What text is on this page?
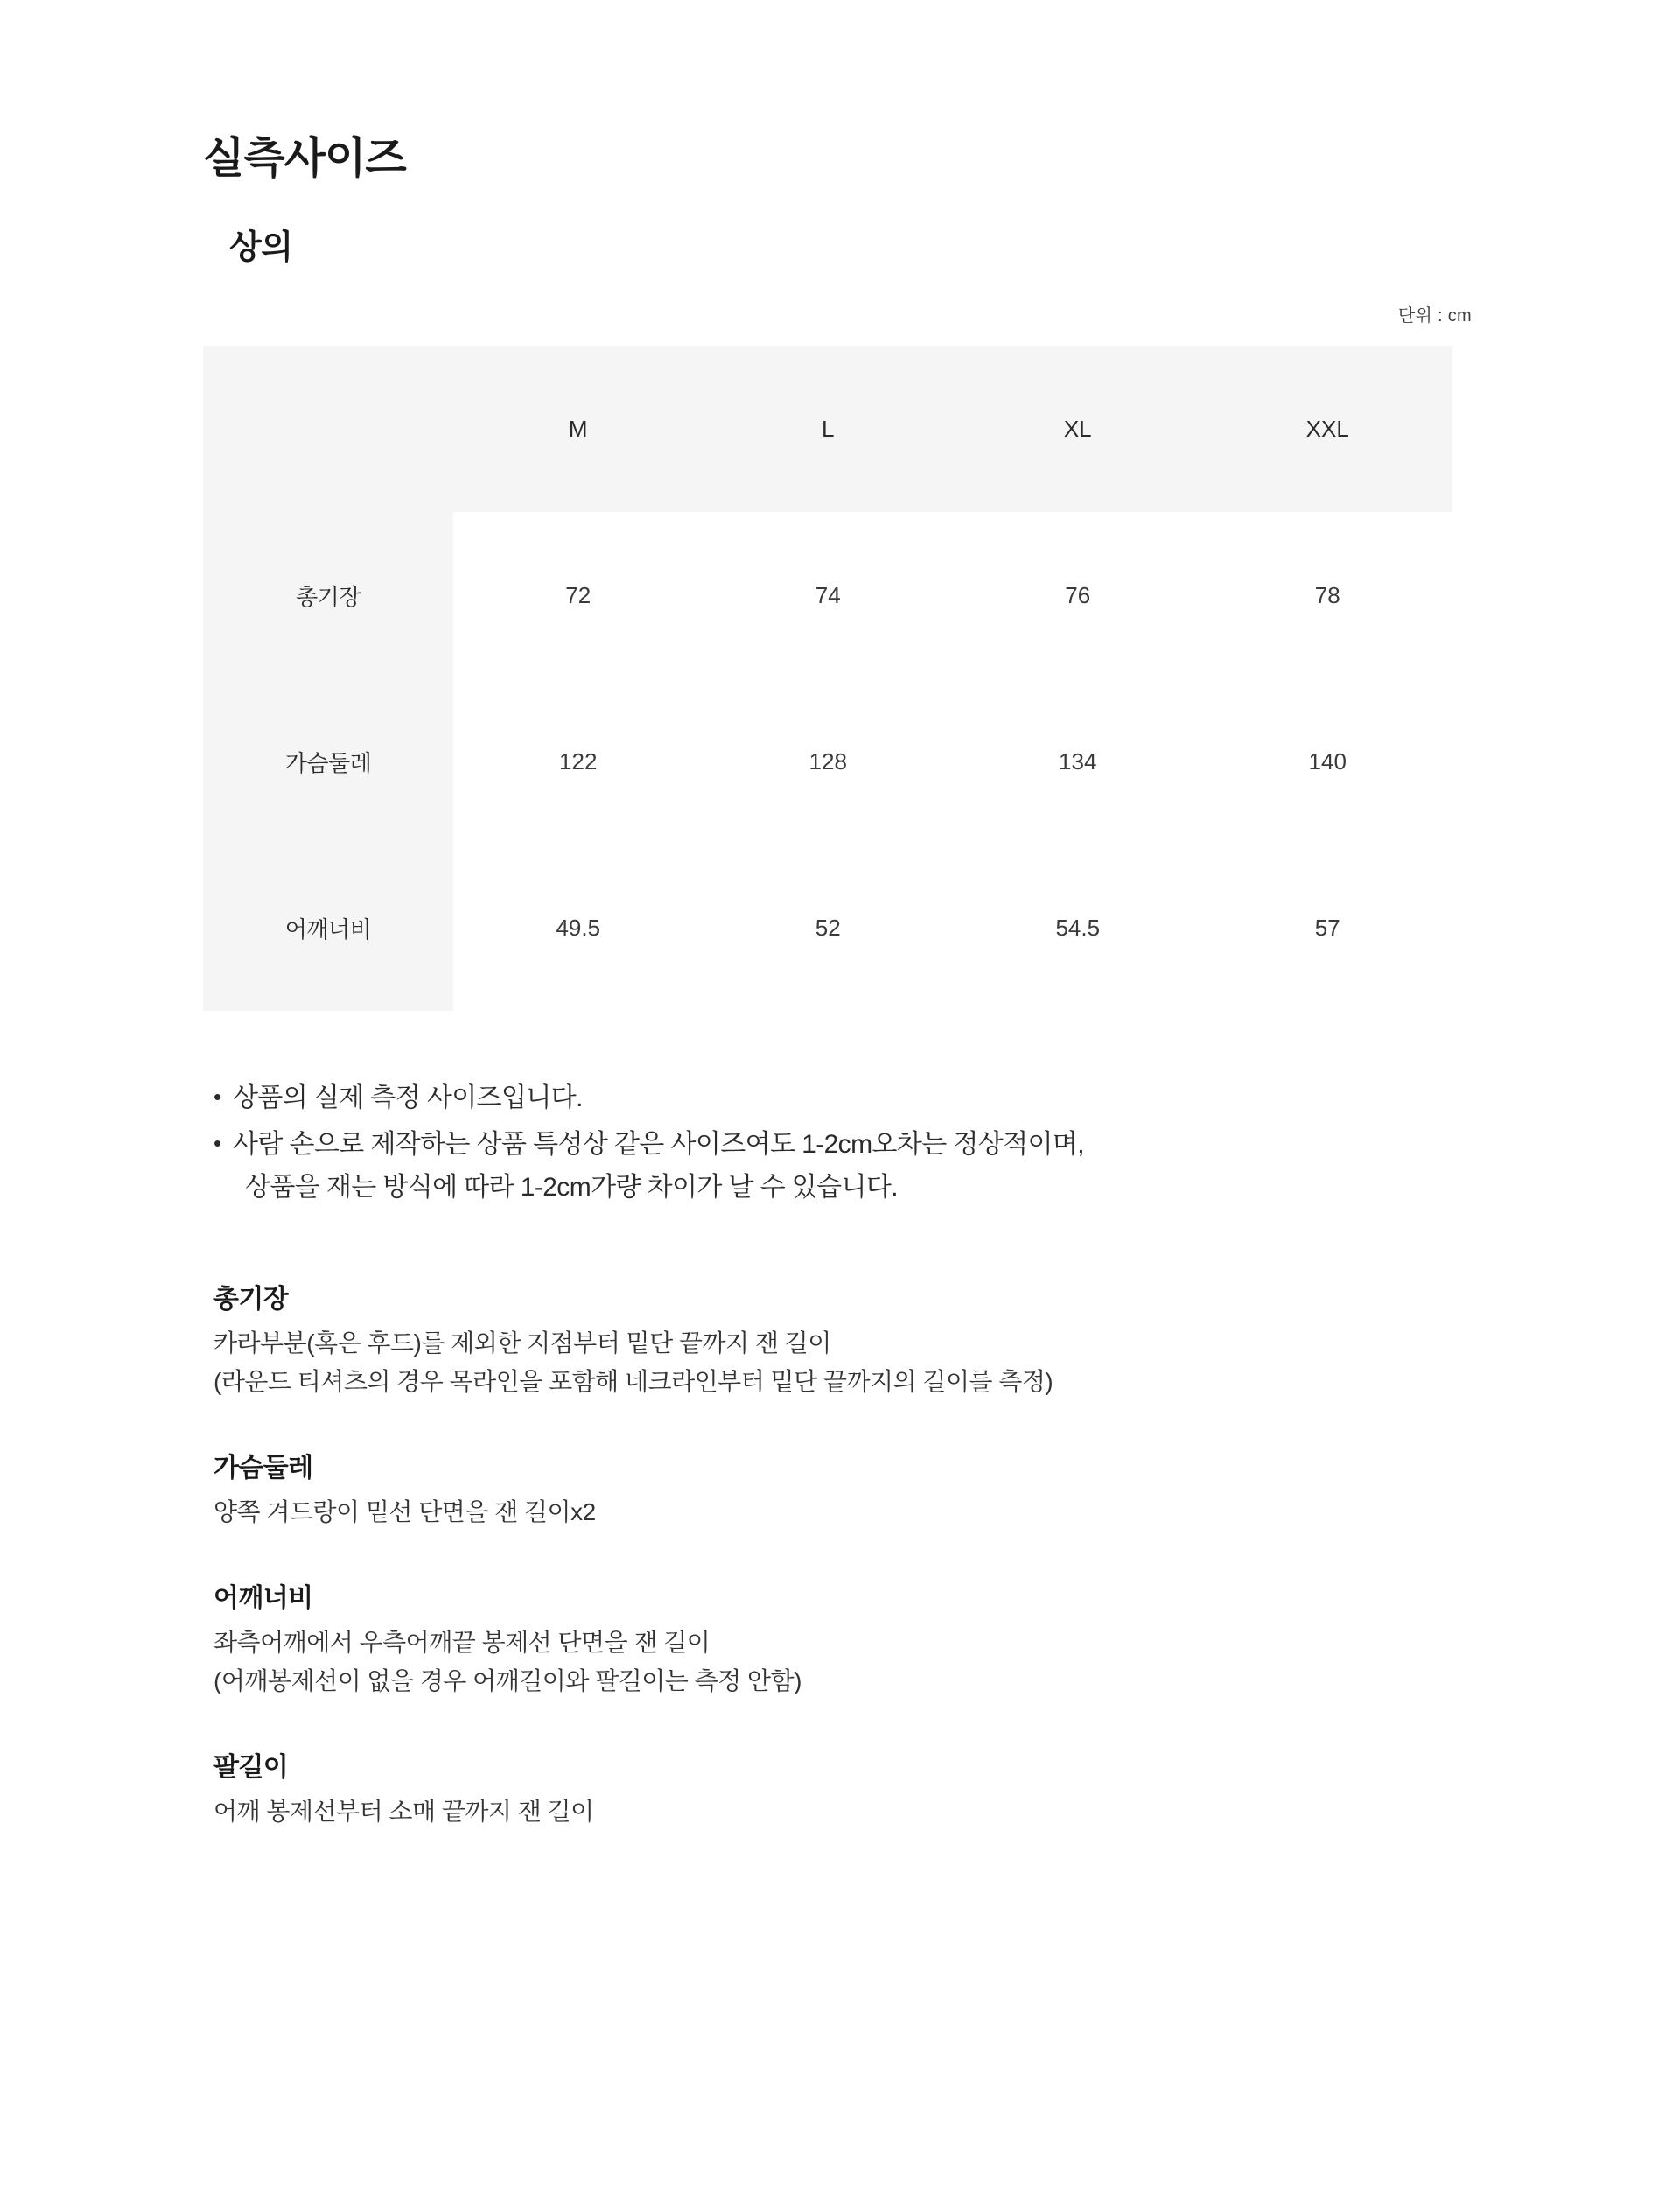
실측사이즈
상의
단위 : cm
	M	L	XL	XXL
총기장	72	74	76	78
가슴둘레	122	128	134	140
어깨너비	49.5	52	54.5	57
• 상품의 실제 측정 사이즈입니다.
• 사람 손으로 제작하는 상품 특성상 같은 사이즈여도 1-2cm오차는 정상적이며,
상품을 재는 방식에 따라 1-2cm가량 차이가 날 수 있습니다.
총기장
카라부분(혹은 후드)를 제외한 지점부터 밑단 끝까지 잰 길이
(라운드 티셔츠의 경우 목라인을 포함해 네크라인부터 밑단 끝까지의 길이를 측정)
가슴둘레
양쪽 겨드랑이 밑선 단면을 잰 길이x2
어깨너비
좌측어깨에서 우측어깨끝 봉제선 단면을 잰 길이
(어깨봉제선이 없을 경우 어깨길이와 팔길이는 측정 안함)
팔길이
어깨 봉제선부터 소매 끝까지 잰 길이
